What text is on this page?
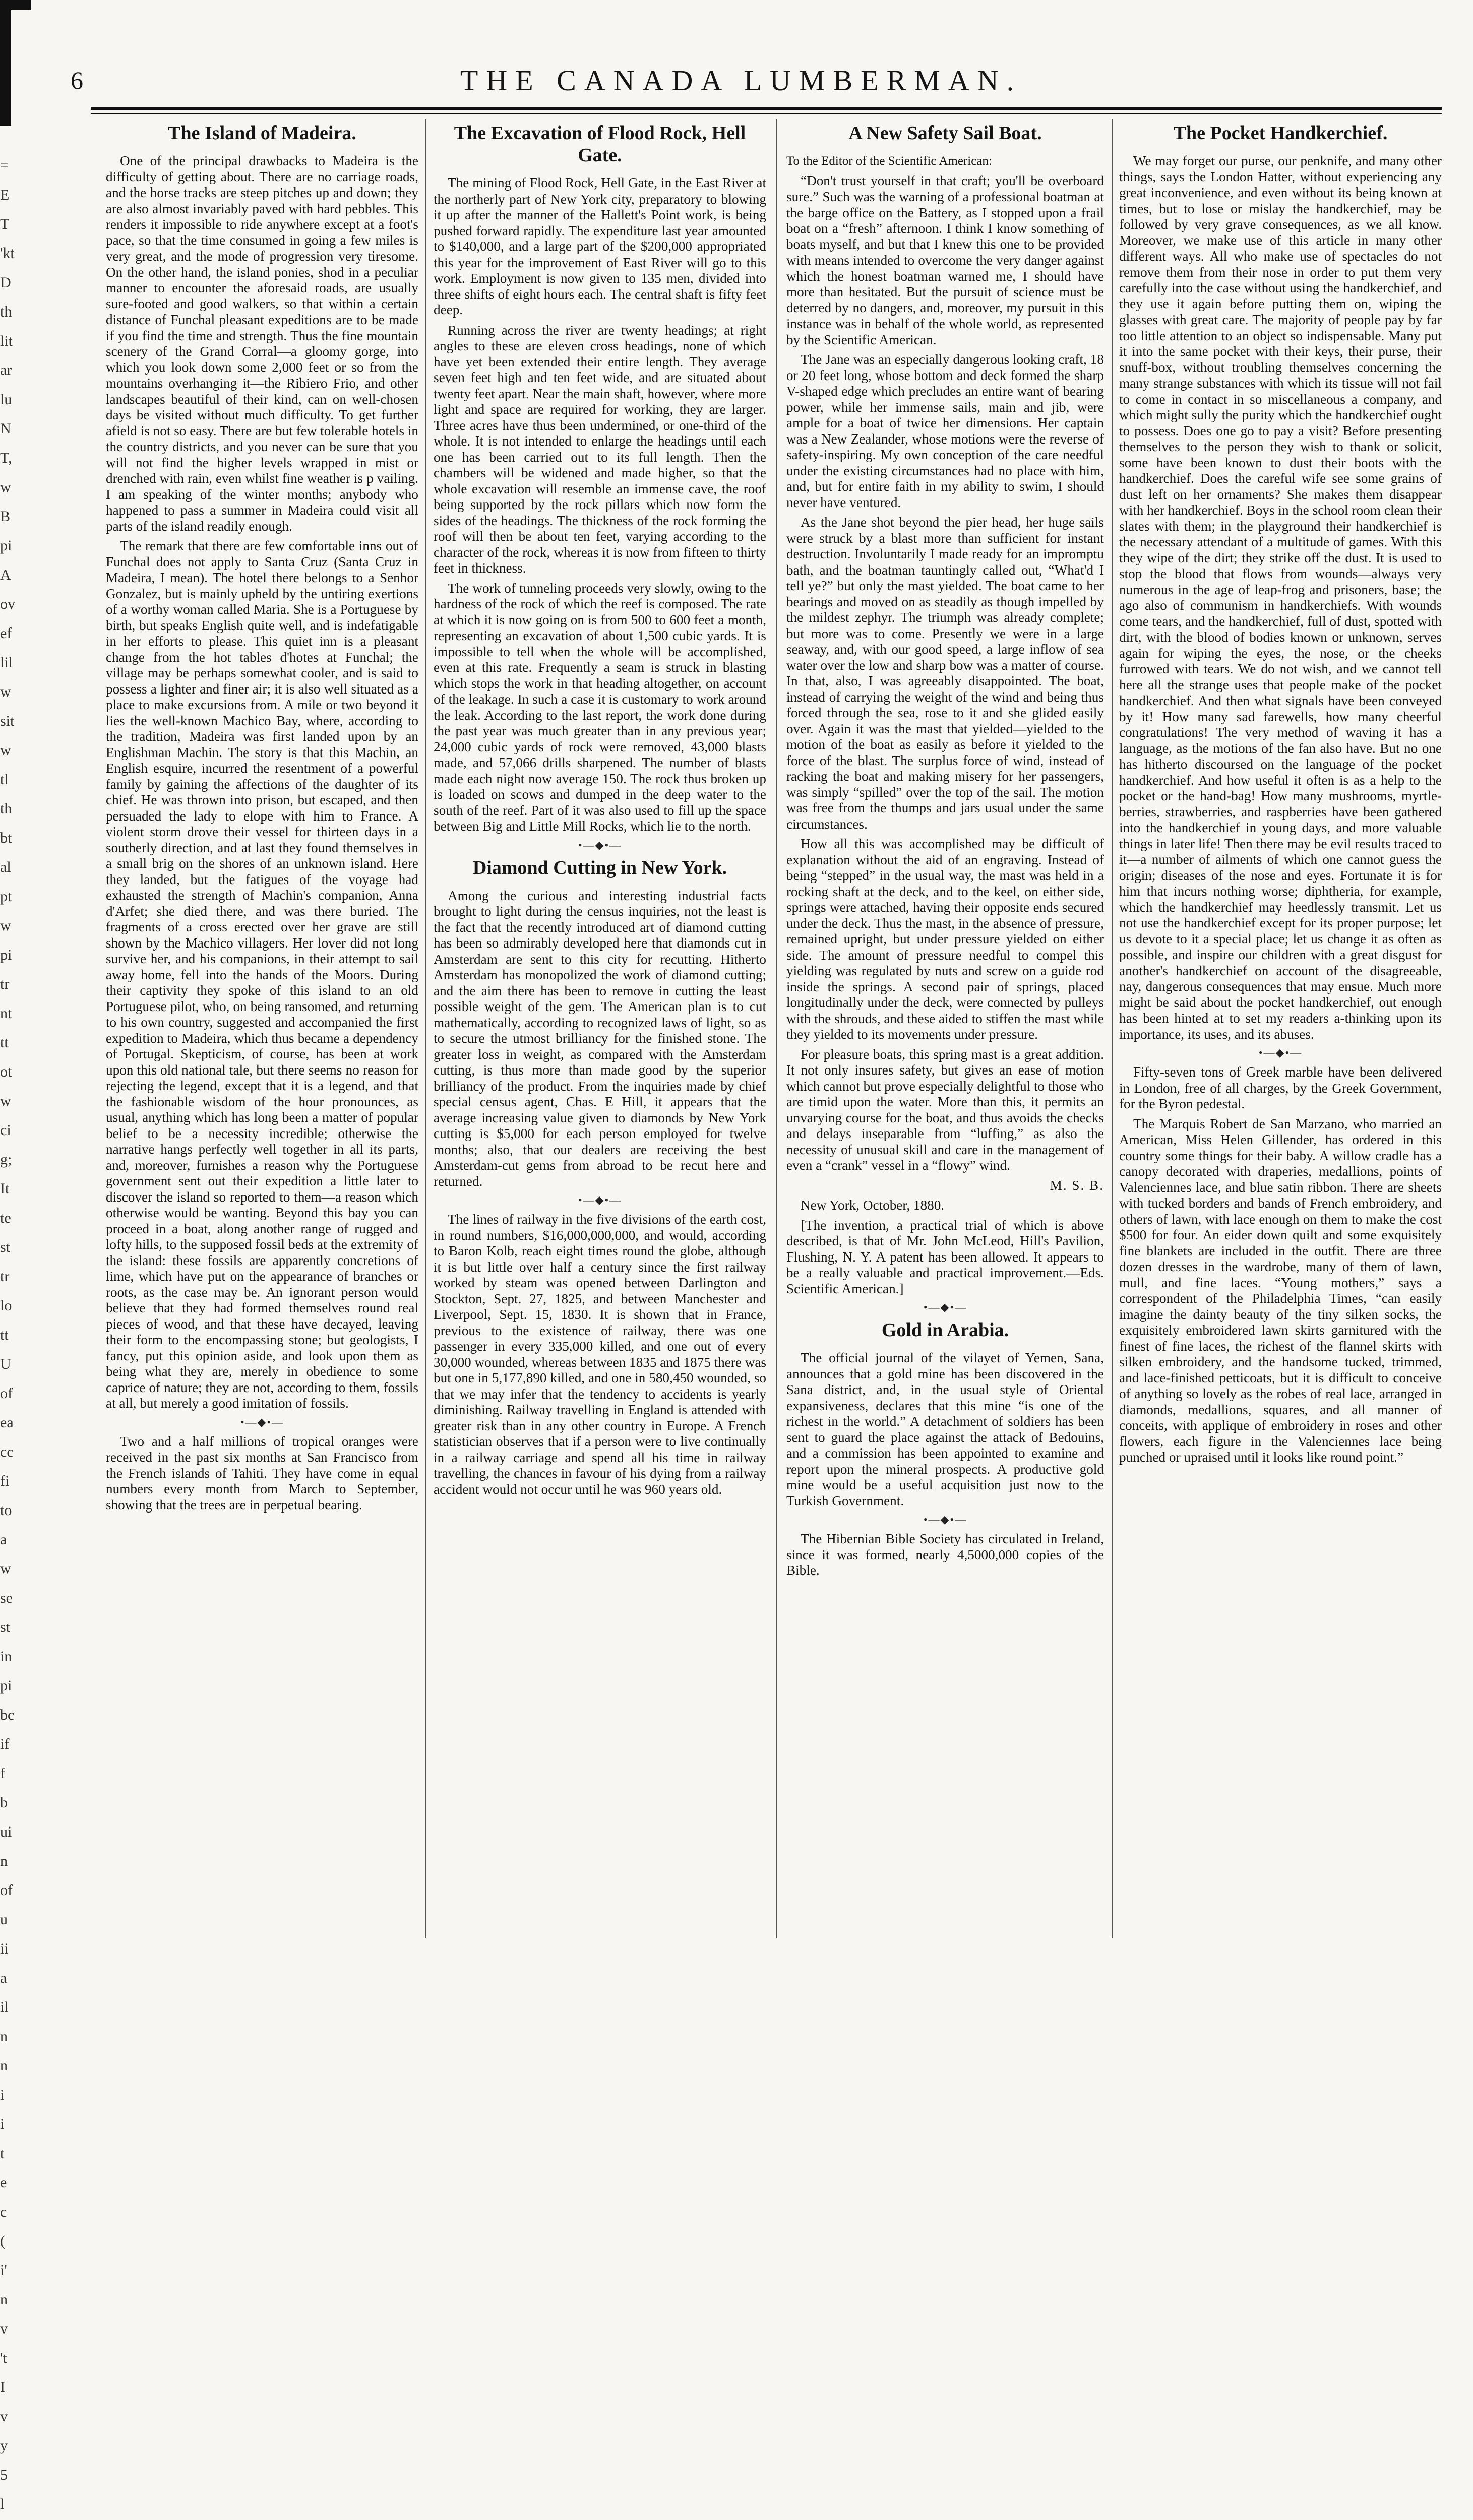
=
E
T
'kt
D
th
lit
ar
lu
N
T,
w
B
pi
A
ov
ef
lil
w
sit
w
tl
th
bt
al
pt
w
pi
tr
nt
tt
ot
w
ci
g;
It
te
st
tr
lo
tt
U
of
ea
cc
fi
to
a
w
se
st
in
pi
bc
if
f
b
ui
n
of
u
ii
a
il
n
n
i
i
t
e
c
(
i'
n
v
't
I
v
y
5
l
6	THE CANADA LUMBERMAN.
The Island of Madeira.

One of the principal drawbacks to Madeira is the difficulty of getting about. There are no carriage roads, and the horse tracks are steep pitches up and down; they are also almost invariably paved with hard pebbles. This renders it impossible to ride anywhere except at a foot's pace, so that the time consumed in going a few miles is very great, and the mode of progression very tiresome. On the other hand, the island ponies, shod in a peculiar manner to encounter the aforesaid roads, are usually sure-footed and good walkers, so that within a certain distance of Funchal pleasant expeditions are to be made if you find the time and strength. Thus the fine mountain scenery of the Grand Corral—a gloomy gorge, into which you look down some 2,000 feet or so from the mountains overhanging it—the Ribiero Frio, and other landscapes beautiful of their kind, can on well-chosen days be visited without much difficulty. To get further afield is not so easy. There are but few tolerable hotels in the country districts, and you never can be sure that you will not find the higher levels wrapped in mist or drenched with rain, even whilst fine weather is p vailing. I am speaking of the winter months; anybody who happened to pass a summer in Madeira could visit all parts of the island readily enough.

The remark that there are few comfortable inns out of Funchal does not apply to Santa Cruz (Santa Cruz in Madeira, I mean). The hotel there belongs to a Senhor Gonzalez, but is mainly upheld by the untiring exertions of a worthy woman called Maria. She is a Portuguese by birth, but speaks English quite well, and is indefatigable in her efforts to please. This quiet inn is a pleasant change from the hot tables d'hotes at Funchal; the village may be perhaps somewhat cooler, and is said to possess a lighter and finer air; it is also well situated as a place to make excursions from. A mile or two beyond it lies the well-known Machico Bay, where, according to the tradition, Madeira was first landed upon by an Englishman Machin. The story is that this Machin, an English esquire, incurred the resentment of a powerful family by gaining the affections of the daughter of its chief. He was thrown into prison, but escaped, and then persuaded the lady to elope with him to France. A violent storm drove their vessel for thirteen days in a southerly direction, and at last they found themselves in a small brig on the shores of an unknown island. Here they landed, but the fatigues of the voyage had exhausted the strength of Machin's companion, Anna d'Arfet; she died there, and was there buried. The fragments of a cross erected over her grave are still shown by the Machico villagers. Her lover did not long survive her, and his companions, in their attempt to sail away home, fell into the hands of the Moors. During their captivity they spoke of this island to an old Portuguese pilot, who, on being ransomed, and returning to his own country, suggested and accompanied the first expedition to Madeira, which thus became a dependency of Portugal. Skepticism, of course, has been at work upon this old national tale, but there seems no reason for rejecting the legend, except that it is a legend, and that the fashionable wisdom of the hour pronounces, as usual, anything which has long been a matter of popular belief to be a necessity incredible; otherwise the narrative hangs perfectly well together in all its parts, and, moreover, furnishes a reason why the Portuguese government sent out their expedition a little later to discover the island so reported to them—a reason which otherwise would be wanting. Beyond this bay you can proceed in a boat, along another range of rugged and lofty hills, to the supposed fossil beds at the extremity of the island: these fossils are apparently concretions of lime, which have put on the appearance of branches or roots, as the case may be. An ignorant person would believe that they had formed themselves round real pieces of wood, and that these have decayed, leaving their form to the encompassing stone; but geologists, I fancy, put this opinion aside, and look upon them as being what they are, merely in obedience to some caprice of nature; they are not, according to them, fossils at all, but merely a good imitation of fossils.

•—◆•—

Two and a half millions of tropical oranges were received in the past six months at San Francisco from the French islands of Tahiti. They have come in equal numbers every month from March to September, showing that the trees are in perpetual bearing.

The Excavation of Flood Rock, Hell Gate.

The mining of Flood Rock, Hell Gate, in the East River at the northerly part of New York city, preparatory to blowing it up after the manner of the Hallett's Point work, is being pushed forward rapidly. The expenditure last year amounted to $140,000, and a large part of the $200,000 appropriated this year for the improvement of East River will go to this work. Employment is now given to 135 men, divided into three shifts of eight hours each. The central shaft is fifty feet deep.

Running across the river are twenty headings; at right angles to these are eleven cross headings, none of which have yet been extended their entire length. They average seven feet high and ten feet wide, and are situated about twenty feet apart. Near the main shaft, however, where more light and space are required for working, they are larger. Three acres have thus been undermined, or one-third of the whole. It is not intended to enlarge the headings until each one has been carried out to its full length. Then the chambers will be widened and made higher, so that the whole excavation will resemble an immense cave, the roof being supported by the rock pillars which now form the sides of the headings. The thickness of the rock forming the roof will then be about ten feet, varying according to the character of the rock, whereas it is now from fifteen to thirty feet in thickness.

The work of tunneling proceeds very slowly, owing to the hardness of the rock of which the reef is composed. The rate at which it is now going on is from 500 to 600 feet a month, representing an excavation of about 1,500 cubic yards. It is impossible to tell when the whole will be accomplished, even at this rate. Frequently a seam is struck in blasting which stops the work in that heading altogether, on account of the leakage. In such a case it is customary to work around the leak. According to the last report, the work done during the past year was much greater than in any previous year; 24,000 cubic yards of rock were removed, 43,000 blasts made, and 57,066 drills sharpened. The number of blasts made each night now average 150. The rock thus broken up is loaded on scows and dumped in the deep water to the south of the reef. Part of it was also used to fill up the space between Big and Little Mill Rocks, which lie to the north.

•—◆•—
Diamond Cutting in New York.

Among the curious and interesting industrial facts brought to light during the census inquiries, not the least is the fact that the recently introduced art of diamond cutting has been so admirably developed here that diamonds cut in Amsterdam are sent to this city for recutting. Hitherto Amsterdam has monopolized the work of diamond cutting; and the aim there has been to remove in cutting the least possible weight of the gem. The American plan is to cut mathematically, according to recognized laws of light, so as to secure the utmost brilliancy for the finished stone. The greater loss in weight, as compared with the Amsterdam cutting, is thus more than made good by the superior brilliancy of the product. From the inquiries made by chief special census agent, Chas. E Hill, it appears that the average increasing value given to diamonds by New York cutting is $5,000 for each person employed for twelve months; also, that our dealers are receiving the best Amsterdam-cut gems from abroad to be recut here and returned.

•—◆•—

The lines of railway in the five divisions of the earth cost, in round numbers, $16,000,000,000, and would, according to Baron Kolb, reach eight times round the globe, although it is but little over half a century since the first railway worked by steam was opened between Darlington and Stockton, Sept. 27, 1825, and between Manchester and Liverpool, Sept. 15, 1830. It is shown that in France, previous to the existence of railway, there was one passenger in every 335,000 killed, and one out of every 30,000 wounded, whereas between 1835 and 1875 there was but one in 5,177,890 killed, and one in 580,450 wounded, so that we may infer that the tendency to accidents is yearly diminishing. Railway travelling in England is attended with greater risk than in any other country in Europe. A French statistician observes that if a person were to live continually in a railway carriage and spend all his time in railway travelling, the chances in favour of his dying from a railway accident would not occur until he was 960 years old.

A New Safety Sail Boat.

To the Editor of the Scientific American:

“Don't trust yourself in that craft; you'll be overboard sure.” Such was the warning of a professional boatman at the barge office on the Battery, as I stopped upon a frail boat on a “fresh” afternoon. I think I know something of boats myself, and but that I knew this one to be provided with means intended to overcome the very danger against which the honest boatman warned me, I should have more than hesitated. But the pursuit of science must be deterred by no dangers, and, moreover, my pursuit in this instance was in behalf of the whole world, as represented by the Scientific American.

The Jane was an especially dangerous looking craft, 18 or 20 feet long, whose bottom and deck formed the sharp V-shaped edge which precludes an entire want of bearing power, while her immense sails, main and jib, were ample for a boat of twice her dimensions. Her captain was a New Zealander, whose motions were the reverse of safety-inspiring. My own conception of the care needful under the existing circumstances had no place with him, and, but for entire faith in my ability to swim, I should never have ventured.

As the Jane shot beyond the pier head, her huge sails were struck by a blast more than sufficient for instant destruction. Involuntarily I made ready for an impromptu bath, and the boatman tauntingly called out, “What'd I tell ye?” but only the mast yielded. The boat came to her bearings and moved on as steadily as though impelled by the mildest zephyr. The triumph was already complete; but more was to come. Presently we were in a large seaway, and, with our good speed, a large inflow of sea water over the low and sharp bow was a matter of course. In that, also, I was agreeably disappointed. The boat, instead of carrying the weight of the wind and being thus forced through the sea, rose to it and she glided easily over. Again it was the mast that yielded—yielded to the motion of the boat as easily as before it yielded to the force of the blast. The surplus force of wind, instead of racking the boat and making misery for her passengers, was simply “spilled” over the top of the sail. The motion was free from the thumps and jars usual under the same circumstances.

How all this was accomplished may be difficult of explanation without the aid of an engraving. Instead of being “stepped” in the usual way, the mast was held in a rocking shaft at the deck, and to the keel, on either side, springs were attached, having their opposite ends secured under the deck. Thus the mast, in the absence of pressure, remained upright, but under pressure yielded on either side. The amount of pressure needful to compel this yielding was regulated by nuts and screw on a guide rod inside the springs. A second pair of springs, placed longitudinally under the deck, were connected by pulleys with the shrouds, and these aided to stiffen the mast while they yielded to its movements under pressure.

For pleasure boats, this spring mast is a great addition. It not only insures safety, but gives an ease of motion which cannot but prove especially delightful to those who are timid upon the water. More than this, it permits an unvarying course for the boat, and thus avoids the checks and delays inseparable from “luffing,” as also the necessity of unusual skill and care in the management of even a “crank” vessel in a “flowy” wind.

M. S. B.

New York, October, 1880.

[The invention, a practical trial of which is above described, is that of Mr. John McLeod, Hill's Pavilion, Flushing, N. Y. A patent has been allowed. It appears to be a really valuable and practical improvement.—Eds. Scientific American.]

•—◆•—
Gold in Arabia.

The official journal of the vilayet of Yemen, Sana, announces that a gold mine has been discovered in the Sana district, and, in the usual style of Oriental expansiveness, declares that this mine “is one of the richest in the world.” A detachment of soldiers has been sent to guard the place against the attack of Bedouins, and a commission has been appointed to examine and report upon the mineral prospects. A productive gold mine would be a useful acquisition just now to the Turkish Government.

•—◆•—

The Hibernian Bible Society has circulated in Ireland, since it was formed, nearly 4,5000,000 copies of the Bible.

The Pocket Handkerchief.

We may forget our purse, our penknife, and many other things, says the London Hatter, without experiencing any great inconvenience, and even without its being known at times, but to lose or mislay the handkerchief, may be followed by very grave consequences, as we all know. Moreover, we make use of this article in many other different ways. All who make use of spectacles do not remove them from their nose in order to put them very carefully into the case without using the handkerchief, and they use it again before putting them on, wiping the glasses with great care. The majority of people pay by far too little attention to an object so indispensable. Many put it into the same pocket with their keys, their purse, their snuff-box, without troubling themselves concerning the many strange substances with which its tissue will not fail to come in contact in so miscellaneous a company, and which might sully the purity which the handkerchief ought to possess. Does one go to pay a visit? Before presenting themselves to the person they wish to thank or solicit, some have been known to dust their boots with the handkerchief. Does the careful wife see some grains of dust left on her ornaments? She makes them disappear with her handkerchief. Boys in the school room clean their slates with them; in the playground their handkerchief is the necessary attendant of a multitude of games. With this they wipe of the dirt; they strike off the dust. It is used to stop the blood that flows from wounds—always very numerous in the age of leap-frog and prisoners, base; the ago also of communism in handkerchiefs. With wounds come tears, and the handkerchief, full of dust, spotted with dirt, with the blood of bodies known or unknown, serves again for wiping the eyes, the nose, or the cheeks furrowed with tears. We do not wish, and we cannot tell here all the strange uses that people make of the pocket handkerchief. And then what signals have been conveyed by it! How many sad farewells, how many cheerful congratulations! The very method of waving it has a language, as the motions of the fan also have. But no one has hitherto discoursed on the language of the pocket handkerchief. And how useful it often is as a help to the pocket or the hand-bag! How many mushrooms, myrtle-berries, strawberries, and raspberries have been gathered into the handkerchief in young days, and more valuable things in later life! Then there may be evil results traced to it—a number of ailments of which one cannot guess the origin; diseases of the nose and eyes. Fortunate it is for him that incurs nothing worse; diphtheria, for example, which the handkerchief may heedlessly transmit. Let us not use the handkerchief except for its proper purpose; let us devote to it a special place; let us change it as often as possible, and inspire our children with a great disgust for another's handkerchief on account of the disagreeable, nay, dangerous consequences that may ensue. Much more might be said about the pocket handkerchief, out enough has been hinted at to set my readers a-thinking upon its importance, its uses, and its abuses.

•—◆•—

Fifty-seven tons of Greek marble have been delivered in London, free of all charges, by the Greek Government, for the Byron pedestal.

The Marquis Robert de San Marzano, who married an American, Miss Helen Gillender, has ordered in this country some things for their baby. A willow cradle has a canopy decorated with draperies, medallions, points of Valenciennes lace, and blue satin ribbon. There are sheets with tucked borders and bands of French embroidery, and others of lawn, with lace enough on them to make the cost $500 for four. An eider down quilt and some exquisitely fine blankets are included in the outfit. There are three dozen dresses in the wardrobe, many of them of lawn, mull, and fine laces. “Young mothers,” says a correspondent of the Philadelphia Times, “can easily imagine the dainty beauty of the tiny silken socks, the exquisitely embroidered lawn skirts garnitured with the finest of fine laces, the richest of the flannel skirts with silken embroidery, and the handsome tucked, trimmed, and lace-finished petticoats, but it is difficult to conceive of anything so lovely as the robes of real lace, arranged in diamonds, medallions, squares, and all manner of conceits, with applique of embroidery in roses and other flowers, each figure in the Valenciennes lace being punched or upraised until it looks like round point.”
